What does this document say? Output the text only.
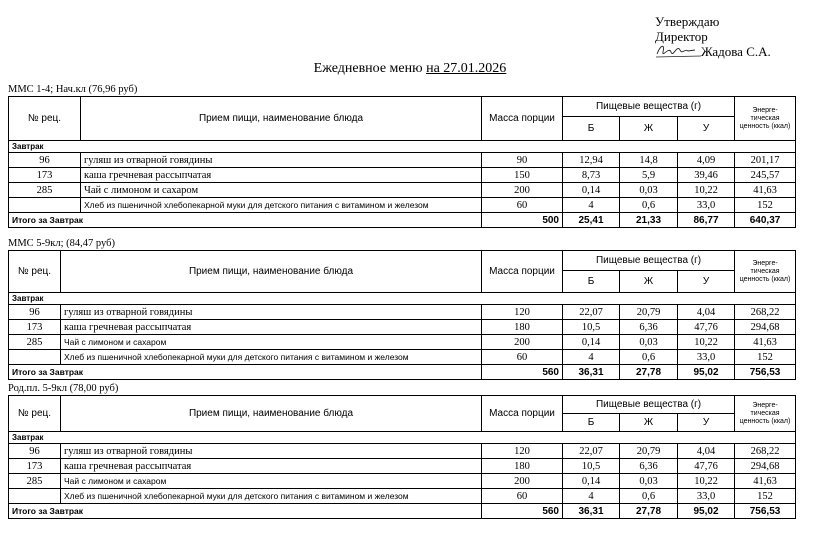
Утверждаю
Директор
Жадова С.А.
Ежедневное меню на 27.01.2026
ММС 1-4; Нач.кл (76,96 руб)
№ рец.	Прием пищи, наименование блюда	Масса порции	Пищевые вещества (г)			Энерге-тическая ценность (ккал)
			Б	Ж	У	
Завтрак						
96	гуляш из отварной говядины	90	12,94	14,8	4,09	201,17
173	каша гречневая рассыпчатая	150	8,73	5,9	39,46	245,57
285	Чай с лимоном и сахаром	200	0,14	0,03	10,22	41,63
	Хлеб из пшеничной хлебопекарной муки для детского питания с витамином и железом	60	4	0,6	33,0	152
Итого за Завтрак		500	25,41	21,33	86,77	640,37
ММС 5-9кл; (84,47 руб)
№ рец.	Прием пищи, наименование блюда	Масса порции	Пищевые вещества (г)			Энерге-тическая ценность (ккал)
			Б	Ж	У	
Завтрак						
96	гуляш из отварной говядины	120	22,07	20,79	4,04	268,22
173	каша гречневая рассыпчатая	180	10,5	6,36	47,76	294,68
285	Чай с лимоном и сахаром	200	0,14	0,03	10,22	41,63
	Хлеб из пшеничной хлебопекарной муки для детского питания с витамином и железом	60	4	0,6	33,0	152
Итого за Завтрак		560	36,31	27,78	95,02	756,53
Род.пл. 5-9кл (78,00 руб)
№ рец.	Прием пищи, наименование блюда	Масса порции	Пищевые вещества (г)			Энерге-тическая ценность (ккал)
			Б	Ж	У	
Завтрак						
96	гуляш из отварной говядины	120	22,07	20,79	4,04	268,22
173	каша гречневая рассыпчатая	180	10,5	6,36	47,76	294,68
285	Чай с лимоном и сахаром	200	0,14	0,03	10,22	41,63
	Хлеб из пшеничной хлебопекарной муки для детского питания с витамином и железом	60	4	0,6	33,0	152
Итого за Завтрак		560	36,31	27,78	95,02	756,53
